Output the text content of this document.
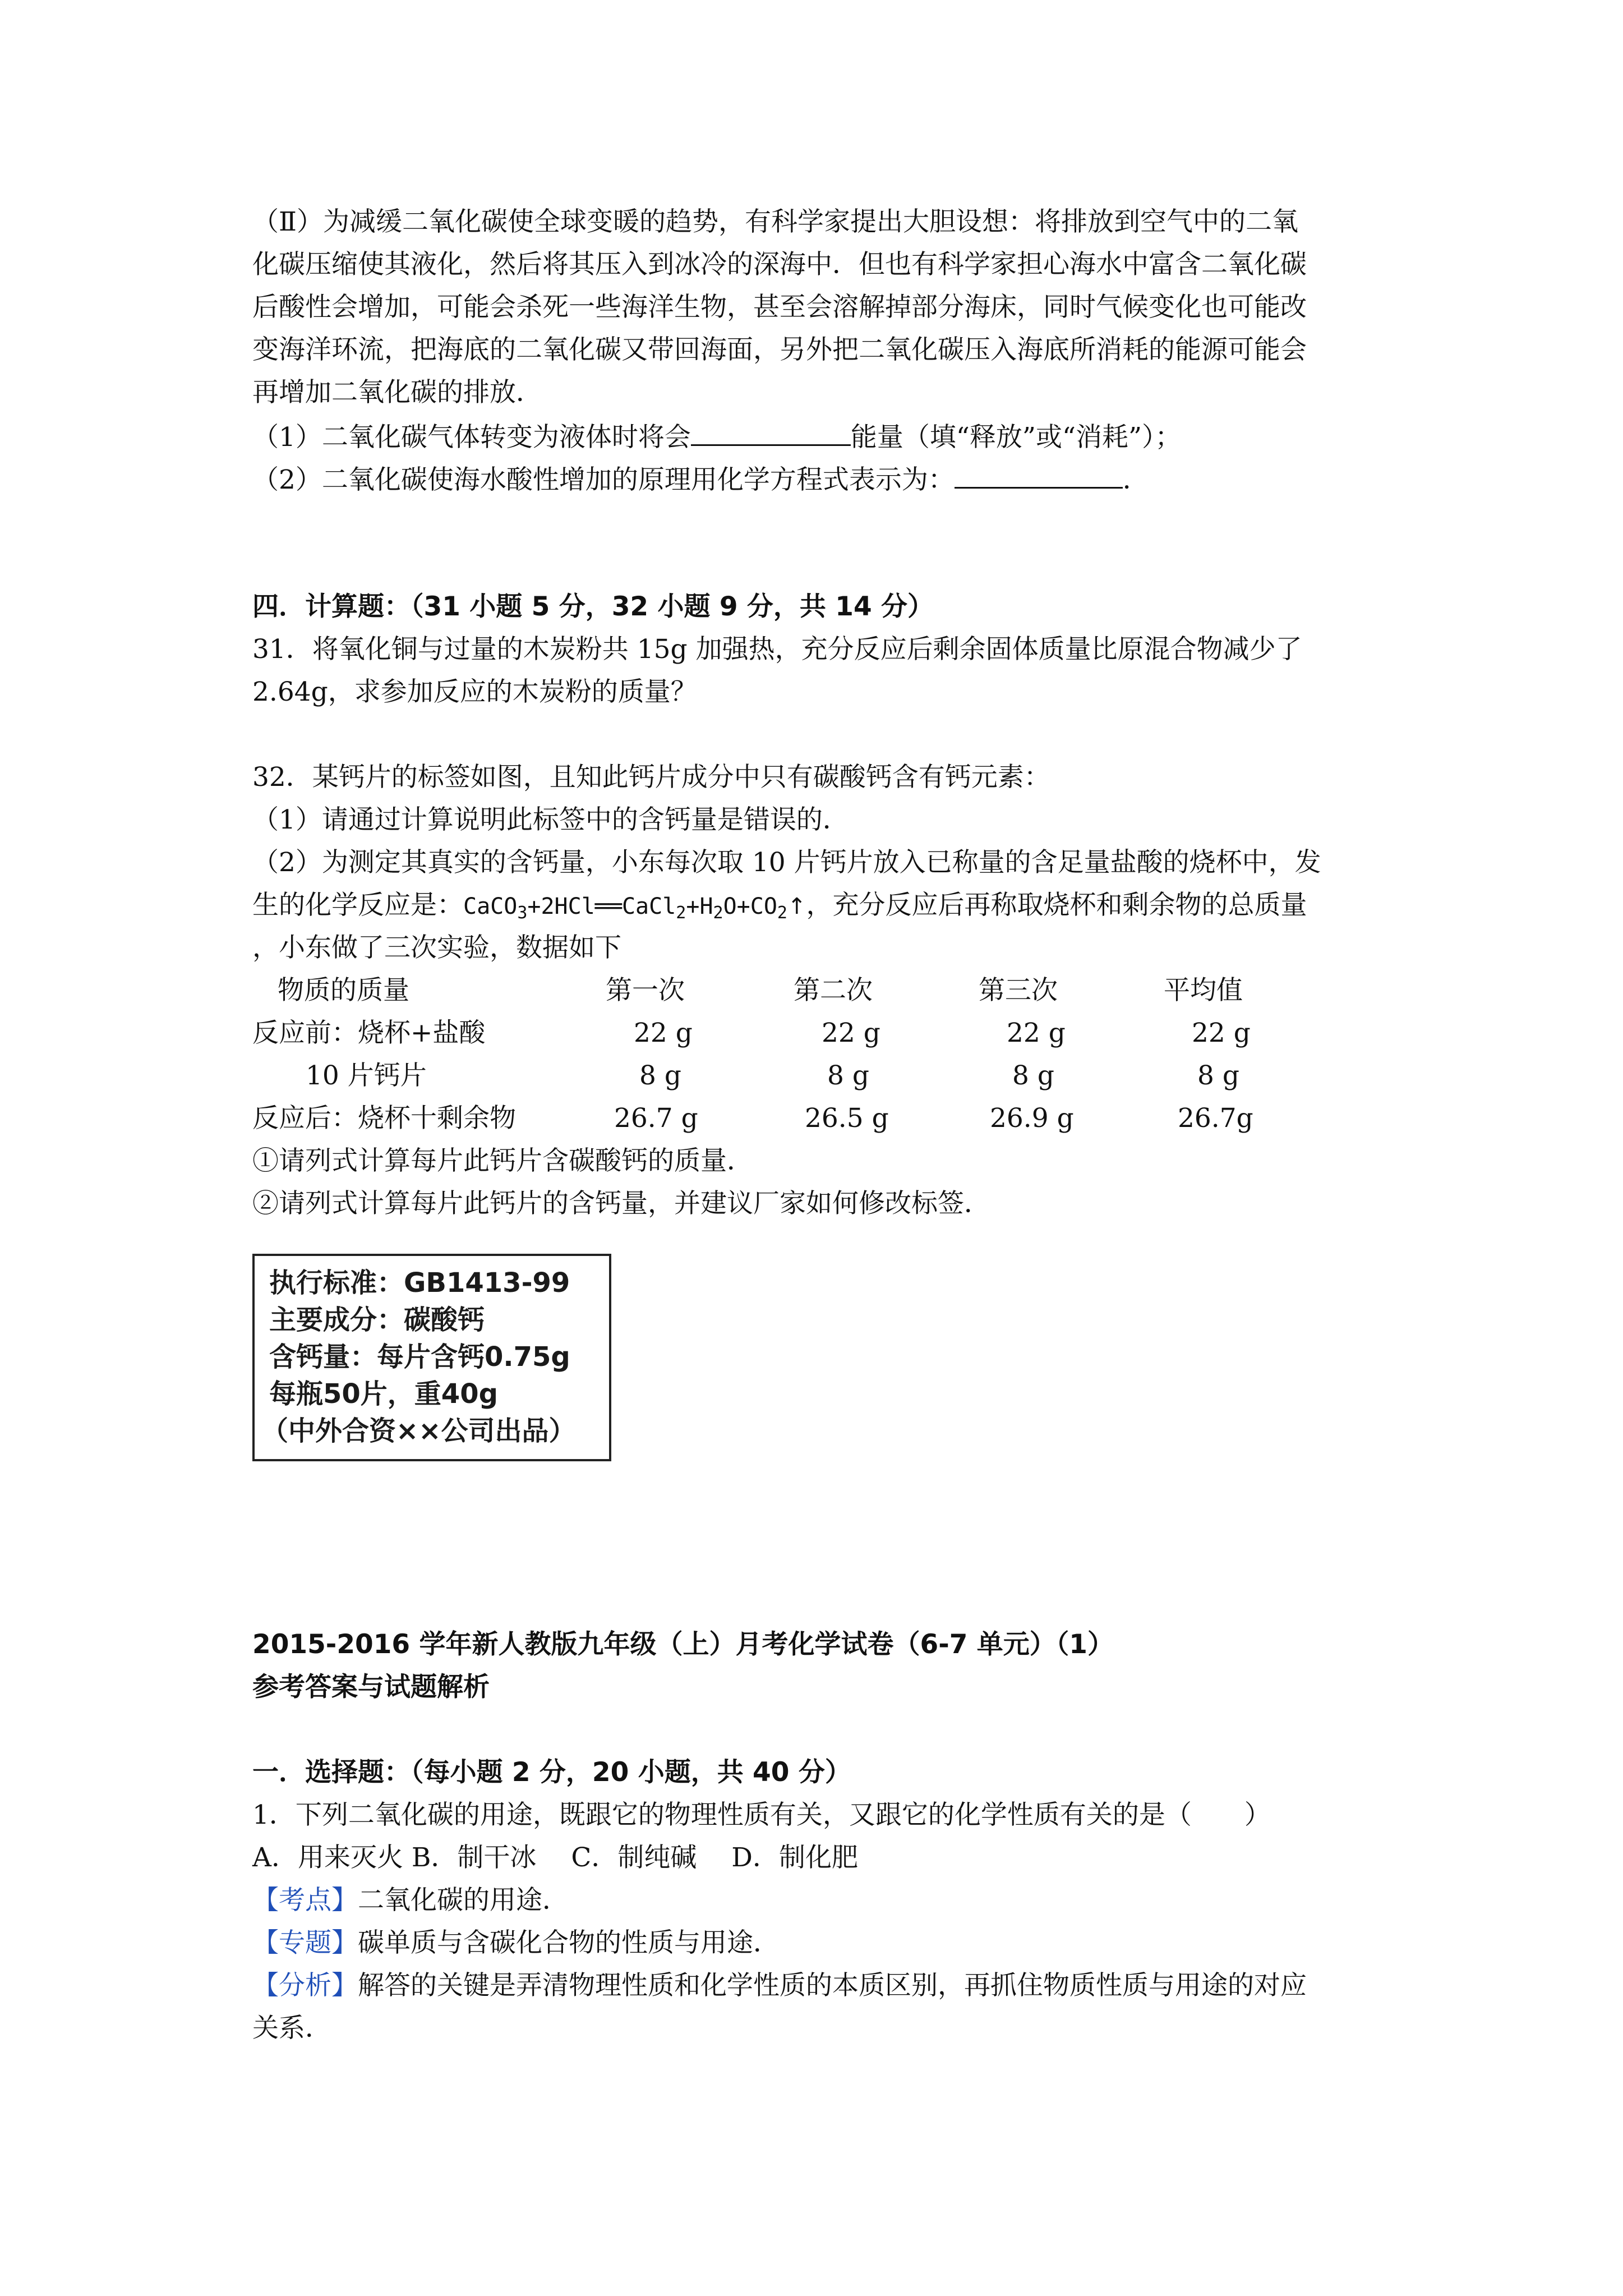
（Ⅱ）为减缓二氧化碳使全球变暖的趋势，有科学家提出大胆设想：将排放到空气中的二氧
化碳压缩使其液化，然后将其压入到冰冷的深海中．但也有科学家担心海水中富含二氧化碳
后酸性会增加，可能会杀死一些海洋生物，甚至会溶解掉部分海床，同时气候变化也可能改
变海洋环流，把海底的二氧化碳又带回海面，另外把二氧化碳压入海底所消耗的能源可能会
再增加二氧化碳的排放．
（1）二氧化碳气体转变为液体时将会	能量（填“释放”或“消耗”）；
（2）二氧化碳使海水酸性增加的原理用化学方程式表示为：	．
四．计算题：（31 小题 5 分，32 小题 9 分，共 14 分）
31．将氧化铜与过量的木炭粉共 15g 加强热，充分反应后剩余固体质量比原混合物减少了
2.64g，求参加反应的木炭粉的质量？
32．某钙片的标签如图，且知此钙片成分中只有碳酸钙含有钙元素：
（1）请通过计算说明此标签中的含钙量是错误的．
（2）为测定其真实的含钙量，小东每次取 10 片钙片放入已称量的含足量盐酸的烧杯中，发
生的化学反应是：$CaCO_3+2HCl══CaCl_2+H_2O+CO_2↑$，充分反应后再称取烧杯和剩余物的总质量
，小东做了三次实验，数据如下
物质的质量	第一次	第二次	第三次	平均值
反应前：烧杯+盐酸	22 g	22 g	22 g	22 g
10 片钙片	8 g	8 g	8 g	8 g
反应后：烧杯十剩余物	26.7 g	26.5 g	26.9 g	26.7g
①请列式计算每片此钙片含碳酸钙的质量．
②请列式计算每片此钙片的含钙量，并建议厂家如何修改标签．
执行标准：GB1413-99
主要成分：碳酸钙
含钙量：每片含钙0.75g
每瓶50片，重40g
（中外合资××公司出品）
2015-2016 学年新人教版九年级（上）月考化学试卷（6-7 单元）（1）
参考答案与试题解析
一．选择题：（每小题 2 分，20 小题，共 40 分）
1．下列二氧化碳的用途，既跟它的物理性质有关，又跟它的化学性质有关的是（　　）
A．用来灭火 B．制干冰　 C．制纯碱　 D．制化肥
【考点】二氧化碳的用途．
【专题】碳单质与含碳化合物的性质与用途．
【分析】解答的关键是弄清物理性质和化学性质的本质区别，再抓住物质性质与用途的对应
关系．
